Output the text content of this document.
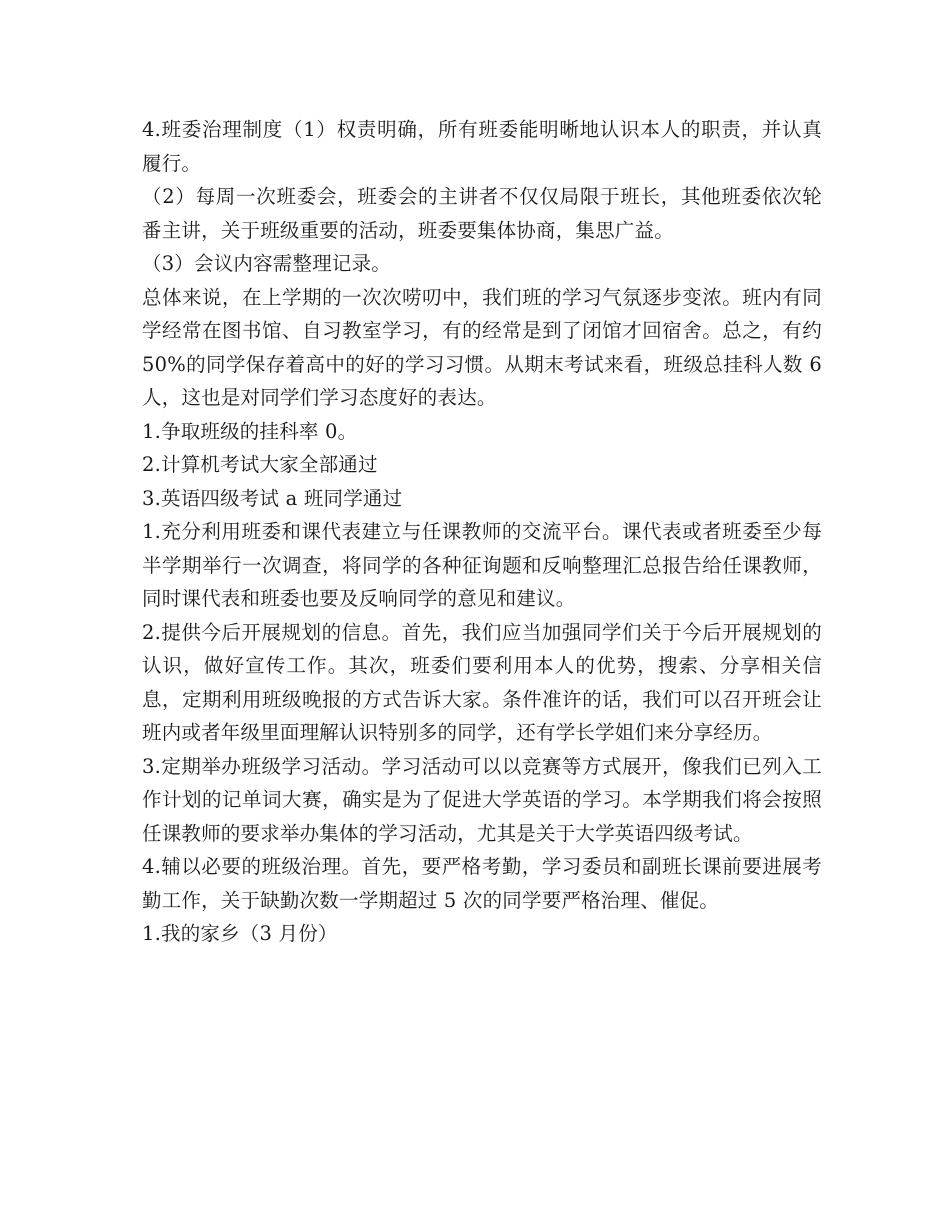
4.班委治理制度（1）权责明确，所有班委能明晰地认识本人的职责，并认真履行。

（2）每周一次班委会，班委会的主讲者不仅仅局限于班长，其他班委依次轮番主讲，关于班级重要的活动，班委要集体协商，集思广益。

（3）会议内容需整理记录。

总体来说，在上学期的一次次唠叨中，我们班的学习气氛逐步变浓。班内有同学经常在图书馆、自习教室学习，有的经常是到了闭馆才回宿舍。总之，有约 50%的同学保存着高中的好的学习习惯。从期末考试来看，班级总挂科人数 6 人，这也是对同学们学习态度好的表达。

1.争取班级的挂科率 0。

2.计算机考试大家全部通过

3.英语四级考试 a 班同学通过

1.充分利用班委和课代表建立与任课教师的交流平台。课代表或者班委至少每半学期举行一次调查，将同学的各种征询题和反响整理汇总报告给任课教师，同时课代表和班委也要及反响同学的意见和建议。

2.提供今后开展规划的信息。首先，我们应当加强同学们关于今后开展规划的认识，做好宣传工作。其次，班委们要利用本人的优势，搜索、分享相关信息，定期利用班级晚报的方式告诉大家。条件准许的话，我们可以召开班会让班内或者年级里面理解认识特别多的同学，还有学长学姐们来分享经历。

3.定期举办班级学习活动。学习活动可以以竞赛等方式展开，像我们已列入工作计划的记单词大赛，确实是为了促进大学英语的学习。本学期我们将会按照任课教师的要求举办集体的学习活动，尤其是关于大学英语四级考试。

4.辅以必要的班级治理。首先，要严格考勤，学习委员和副班长课前要进展考勤工作，关于缺勤次数一学期超过 5 次的同学要严格治理、催促。

1.我的家乡（3 月份）
